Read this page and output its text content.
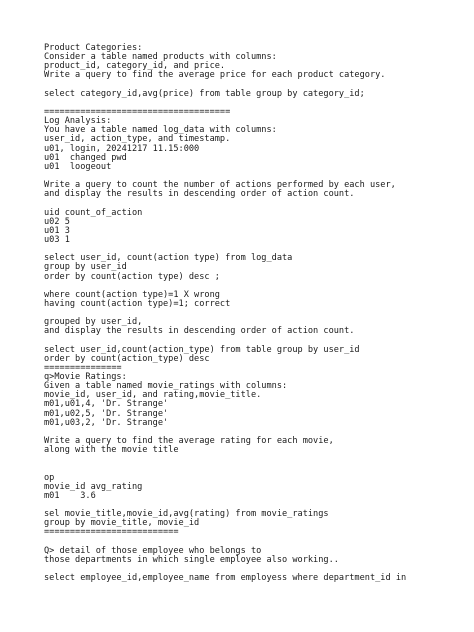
Product Categories:
Consider a table named products with columns:
product_id, category_id, and price.
Write a query to find the average price for each product category.
select category_id,avg(price) from table group by category_id;
====================================
Log Analysis:
You have a table named log_data with columns:
user_id, action_type, and timestamp.
u01, login, 20241217 11.15:000
u01  changed pwd
u01  loogeout
Write a query to count the number of actions performed by each user,
and display the results in descending order of action count.
uid count_of_action
u02 5
u01 3
u03 1
select user_id, count(action type) from log_data
group by user_id
order by count(action type) desc ;
where count(action type)=1 X wrong
having count(action type)=1; correct
grouped by user_id,
and display the results in descending order of action count.
select user_id,count(action_type) from table group by user_id
order by count(action_type) desc
===============
q>Movie Ratings:
Given a table named movie_ratings with columns:
movie_id, user_id, and rating,movie_title.
m01,u01,4, 'Dr. Strange'
m01,u02,5, 'Dr. Strange'
m01,u03,2, 'Dr. Strange'
Write a query to find the average rating for each movie,
along with the movie title
op
movie_id avg_rating
m01    3.6
sel movie_title,movie_id,avg(rating) from movie_ratings
group by movie_title, movie_id
==========================
Q> detail of those employee who belongs to
those departments in which single employee also working..
select employee_id,employee_name from employess where department_id in
